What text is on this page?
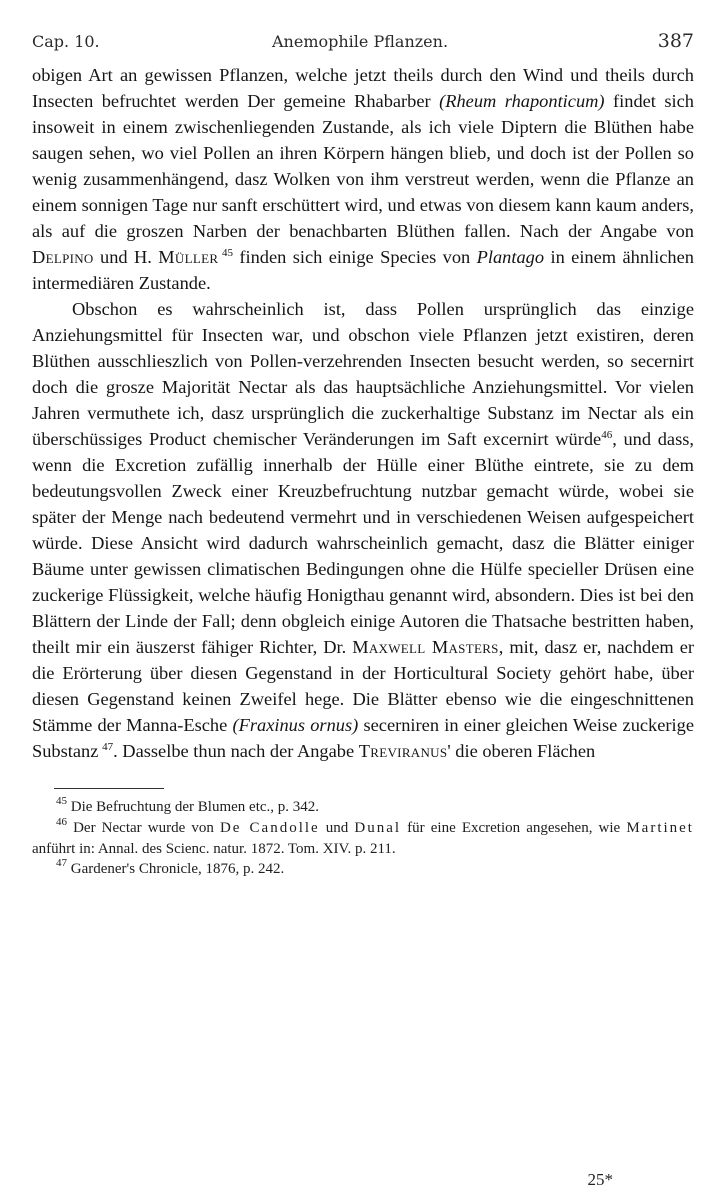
Cap. 10.	Anemophile Pflanzen.	387

obigen Art an gewissen Pflanzen, welche jetzt theils durch den Wind und theils durch Insecten befruchtet werden Der gemeine Rhabarber (Rheum rhaponticum) findet sich insoweit in einem zwischenliegenden Zustande, als ich viele Diptern die Blüthen habe saugen sehen, wo viel Pollen an ihren Körpern hängen blieb, und doch ist der Pollen so wenig zusammenhängend, dasz Wolken von ihm verstreut werden, wenn die Pflanze an einem sonnigen Tage nur sanft erschüttert wird, und etwas von diesem kann kaum anders, als auf die groszen Narben der benachbarten Blüthen fallen. Nach der Angabe von Delpino und H. Müller  $^{45}$ finden sich einige Species von Plantago in einem ähnlichen intermediären Zustande.

Obschon es wahrscheinlich ist, dass Pollen ursprünglich das einzige Anziehungsmittel für Insecten war, und obschon viele Pflanzen jetzt existiren, deren Blüthen ausschlieszlich von Pollen-verzehrenden Insecten besucht werden, so secernirt doch die grosze Majorität Nectar als das hauptsächliche Anziehungsmittel. Vor vielen Jahren vermuthete ich, dasz ursprünglich die zuckerhaltige Substanz im Nectar als ein überschüssiges Product chemischer Veränderungen im Saft excernirt würde$^{46}$, und dass, wenn die Excretion zufällig innerhalb der Hülle einer Blüthe eintrete, sie zu dem bedeutungsvollen Zweck einer Kreuzbefruchtung nutzbar gemacht würde, wobei sie später der Menge nach bedeutend vermehrt und in verschiedenen Weisen aufgespeichert würde. Diese Ansicht wird dadurch wahrscheinlich gemacht, dasz die Blätter einiger Bäume unter gewissen climatischen Bedingungen ohne die Hülfe specieller Drüsen eine zuckerige Flüssigkeit, welche häufig Honigthau genannt wird, absondern. Dies ist bei den Blättern der Linde der Fall; denn obgleich einige Autoren die Thatsache bestritten haben, theilt mir ein äuszerst fähiger Richter, Dr. Maxwell Masters, mit, dasz er, nachdem er die Erörterung über diesen Gegenstand in der Horticultural Society gehört habe, über diesen Gegenstand keinen Zweifel hege. Die Blätter ebenso wie die eingeschnittenen Stämme der Manna-Esche (Fraxinus ornus) secerniren in einer gleichen Weise zuckerige Substanz  $^{47}$. Dasselbe thun nach der Angabe Treviranus' die oberen Flächen

$^{45}$ Die Befruchtung der Blumen etc., p. 342.

$^{46}$ Der Nectar wurde von De Candolle und Dunal für eine Excretion angesehen, wie Martinet anführt in: Annal. des Scienc. natur. 1872. Tom. XIV. p. 211.

$^{47}$ Gardener's Chronicle, 1876, p. 242.

25*
